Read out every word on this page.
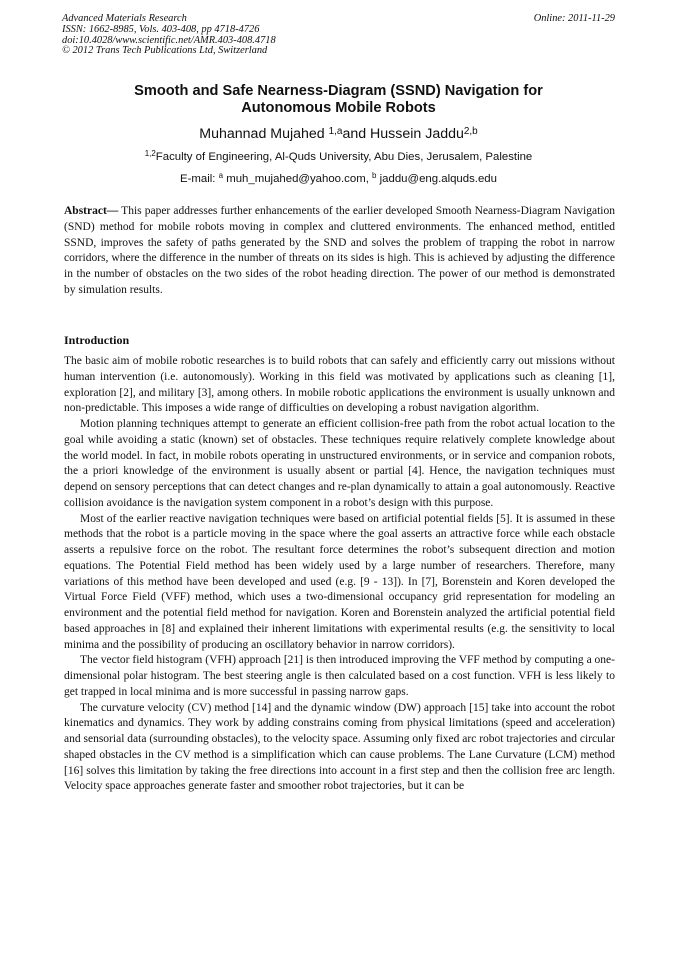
Advanced Materials Research
ISSN: 1662-8985, Vols. 403-408, pp 4718-4726
doi:10.4028/www.scientific.net/AMR.403-408.4718
© 2012 Trans Tech Publications Ltd, Switzerland
Online: 2011-11-29
Smooth and Safe Nearness-Diagram (SSND) Navigation for
Autonomous Mobile Robots
Muhannad Mujahed $^{1,a}$and Hussein Jaddu$^{2,b}$
$^{1,2}$Faculty of Engineering, Al-Quds University, Abu Dies, Jerusalem, Palestine
E-mail: $^a$ muh_mujahed@yahoo.com, $^b$ jaddu@eng.alquds.edu
Abstract— This paper addresses further enhancements of the earlier developed Smooth Nearness-Diagram Navigation (SND) method for mobile robots moving in complex and cluttered environments. The enhanced method, entitled SSND, improves the safety of paths generated by the SND and solves the problem of trapping the robot in narrow corridors, where the difference in the number of threats on its sides is high. This is achieved by adjusting the difference in the number of obstacles on the two sides of the robot heading direction. The power of our method is demonstrated by simulation results.
Introduction

The basic aim of mobile robotic researches is to build robots that can safely and efficiently carry out missions without human intervention (i.e. autonomously). Working in this field was motivated by applications such as cleaning [1], exploration [2], and military [3], among others. In mobile robotic applications the environment is usually unknown and non-predictable. This imposes a wide range of difficulties on developing a robust navigation algorithm.

Motion planning techniques attempt to generate an efficient collision-free path from the robot actual location to the goal while avoiding a static (known) set of obstacles. These techniques require relatively complete knowledge about the world model. In fact, in mobile robots operating in unstructured environments, or in service and companion robots, the a priori knowledge of the environment is usually absent or partial [4]. Hence, the navigation techniques must depend on sensory perceptions that can detect changes and re-plan dynamically to attain a goal autonomously. Reactive collision avoidance is the navigation system component in a robot’s design with this purpose.

Most of the earlier reactive navigation techniques were based on artificial potential fields [5]. It is assumed in these methods that the robot is a particle moving in the space where the goal asserts an attractive force while each obstacle asserts a repulsive force on the robot. The resultant force determines the robot’s subsequent direction and motion equations. The Potential Field method has been widely used by a large number of researchers. Therefore, many variations of this method have been developed and used (e.g. [9 - 13]). In [7], Borenstein and Koren developed the Virtual Force Field (VFF) method, which uses a two-dimensional occupancy grid representation for modeling an environment and the potential field method for navigation. Koren and Borenstein analyzed the artificial potential field based approaches in [8] and explained their inherent limitations with experimental results (e.g. the sensitivity to local minima and the possibility of producing an oscillatory behavior in narrow corridors).

The vector field histogram (VFH) approach [21] is then introduced improving the VFF method by computing a one-dimensional polar histogram. The best steering angle is then calculated based on a cost function. VFH is less likely to get trapped in local minima and is more successful in passing narrow gaps.

The curvature velocity (CV) method [14] and the dynamic window (DW) approach [15] take into account the robot kinematics and dynamics. They work by adding constrains coming from physical limitations (speed and acceleration) and sensorial data (surrounding obstacles), to the velocity space. Assuming only fixed arc robot trajectories and circular shaped obstacles in the CV method is a simplification which can cause problems. The Lane Curvature (LCM) method [16] solves this limitation by taking the free directions into account in a first step and then the collision free arc length. Velocity space approaches generate faster and smoother robot trajectories, but it can be
